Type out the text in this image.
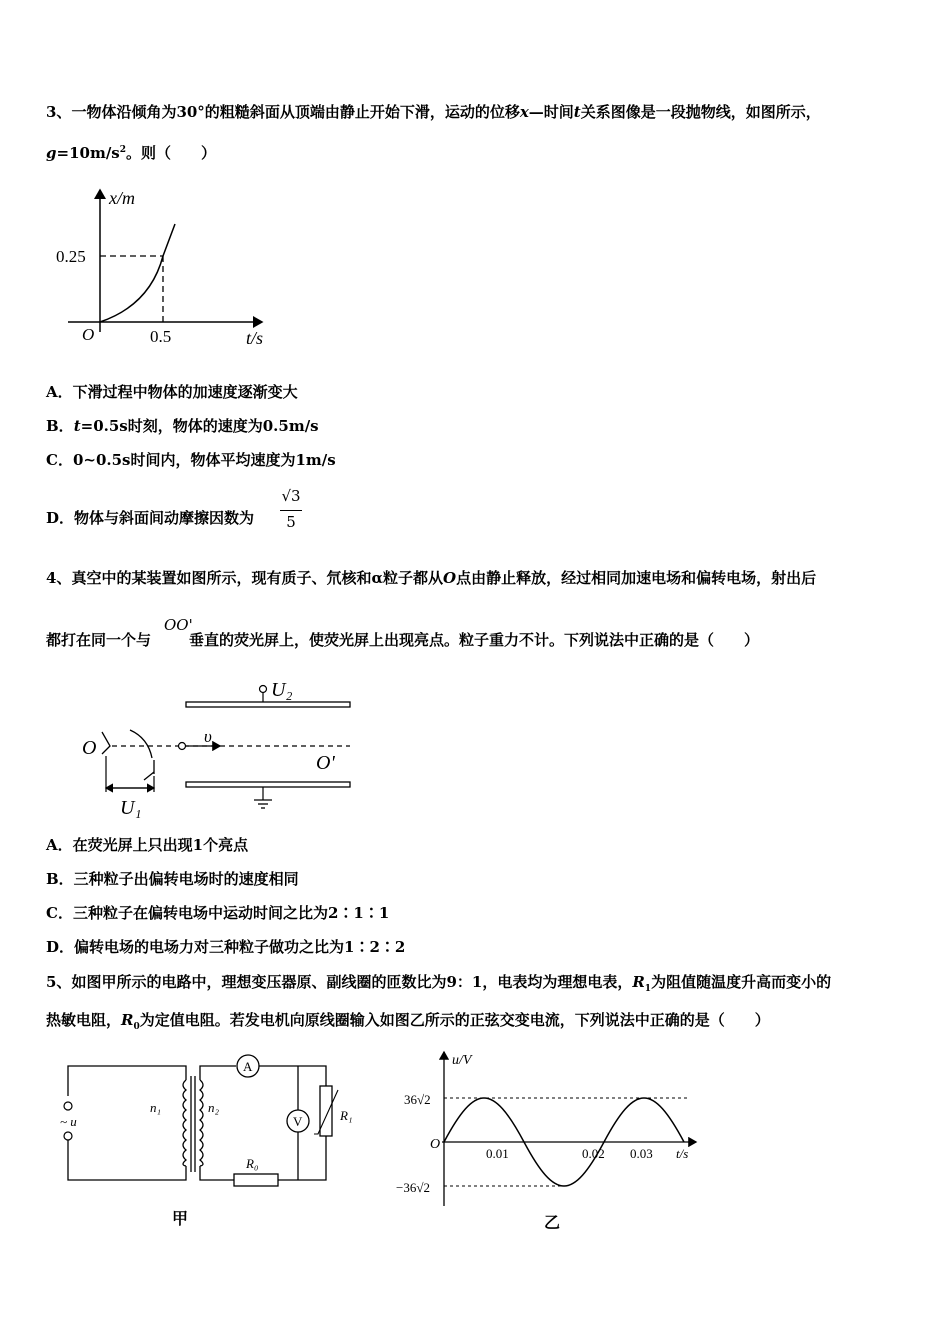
3、一物体沿倾角为30°的粗糙斜面从顶端由静止开始下滑，运动的位移x—时间t关系图像是一段抛物线，如图所示，
$g=10m/s^2$。则（　　）
x/m
0.25
O	0.5	t/s
A．下滑过程中物体的加速度逐渐变大
B．t=0.5s时刻，物体的速度为0.5m/s
C．0~0.5s时间内，物体平均速度为1m/s
D．物体与斜面间动摩擦因数为
√3
5
4、真空中的某装置如图所示，现有质子、氘核和α粒子都从O点由静止释放，经过相同加速电场和偏转电场，射出后
都打在同一个与	垂直的荧光屏上，使荧光屏上出现亮点。粒子重力不计。下列说法中正确的是（　　）
OO'
U₂
O
υ
O'
U₁
A．在荧光屏上只出现1个亮点
B．三种粒子出偏转电场时的速度相同
C．三种粒子在偏转电场中运动时间之比为2∶1∶1
D．偏转电场的电场力对三种粒子做功之比为1∶2∶2
5、如图甲所示的电路中，理想变压器原、副线圈的匝数比为9：1，电表均为理想电表，$R_1$为阻值随温度升高而变小的
热敏电阻，$R_0$为定值电阻。若发电机向原线圈输入如图乙所示的正弦交变电流，下列说法中正确的是（　　）
~ u
n₁	n₂
A
V	R₁
R₀
甲
u/V
36√2
O
−36√2
0.01	0.02 0.03 t/s
乙
